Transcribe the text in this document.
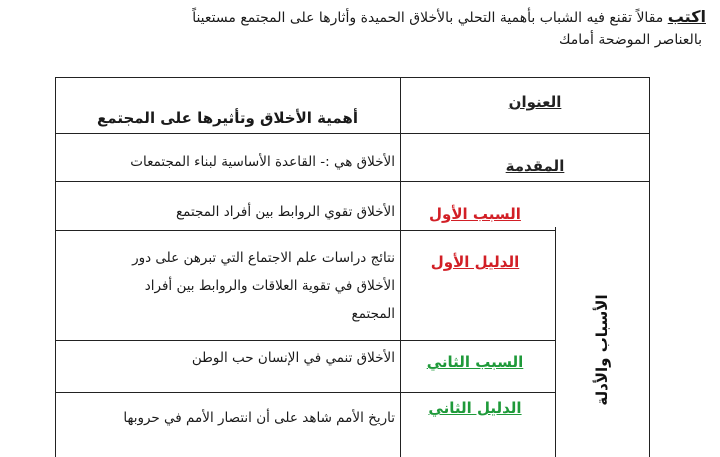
اكتب مقالاً تقنع فيه الشباب بأهمية التحلي بالأخلاق الحميدة وأثارها على المجتمع مستعيناً
بالعناصر الموضحة أمامك
العنوان
أهمية الأخلاق وتأثيرها على المجتمع
المقدمة
الأخلاق هي :- القاعدة الأساسية لبناء المجتمعات
الأسباب والأدلة
السبب الأول
الأخلاق تقوي الروابط بين أفراد المجتمع
الدليل الأول
نتائج دراسات علم الاجتماع التي تبرهن على دور
الأخلاق في تقوية العلاقات والروابط بين أفراد
المجتمع
السبب الثاني
الأخلاق تنمي في الإنسان حب الوطن
الدليل الثاني
تاريخ الأمم شاهد على أن انتصار الأمم في حروبها
